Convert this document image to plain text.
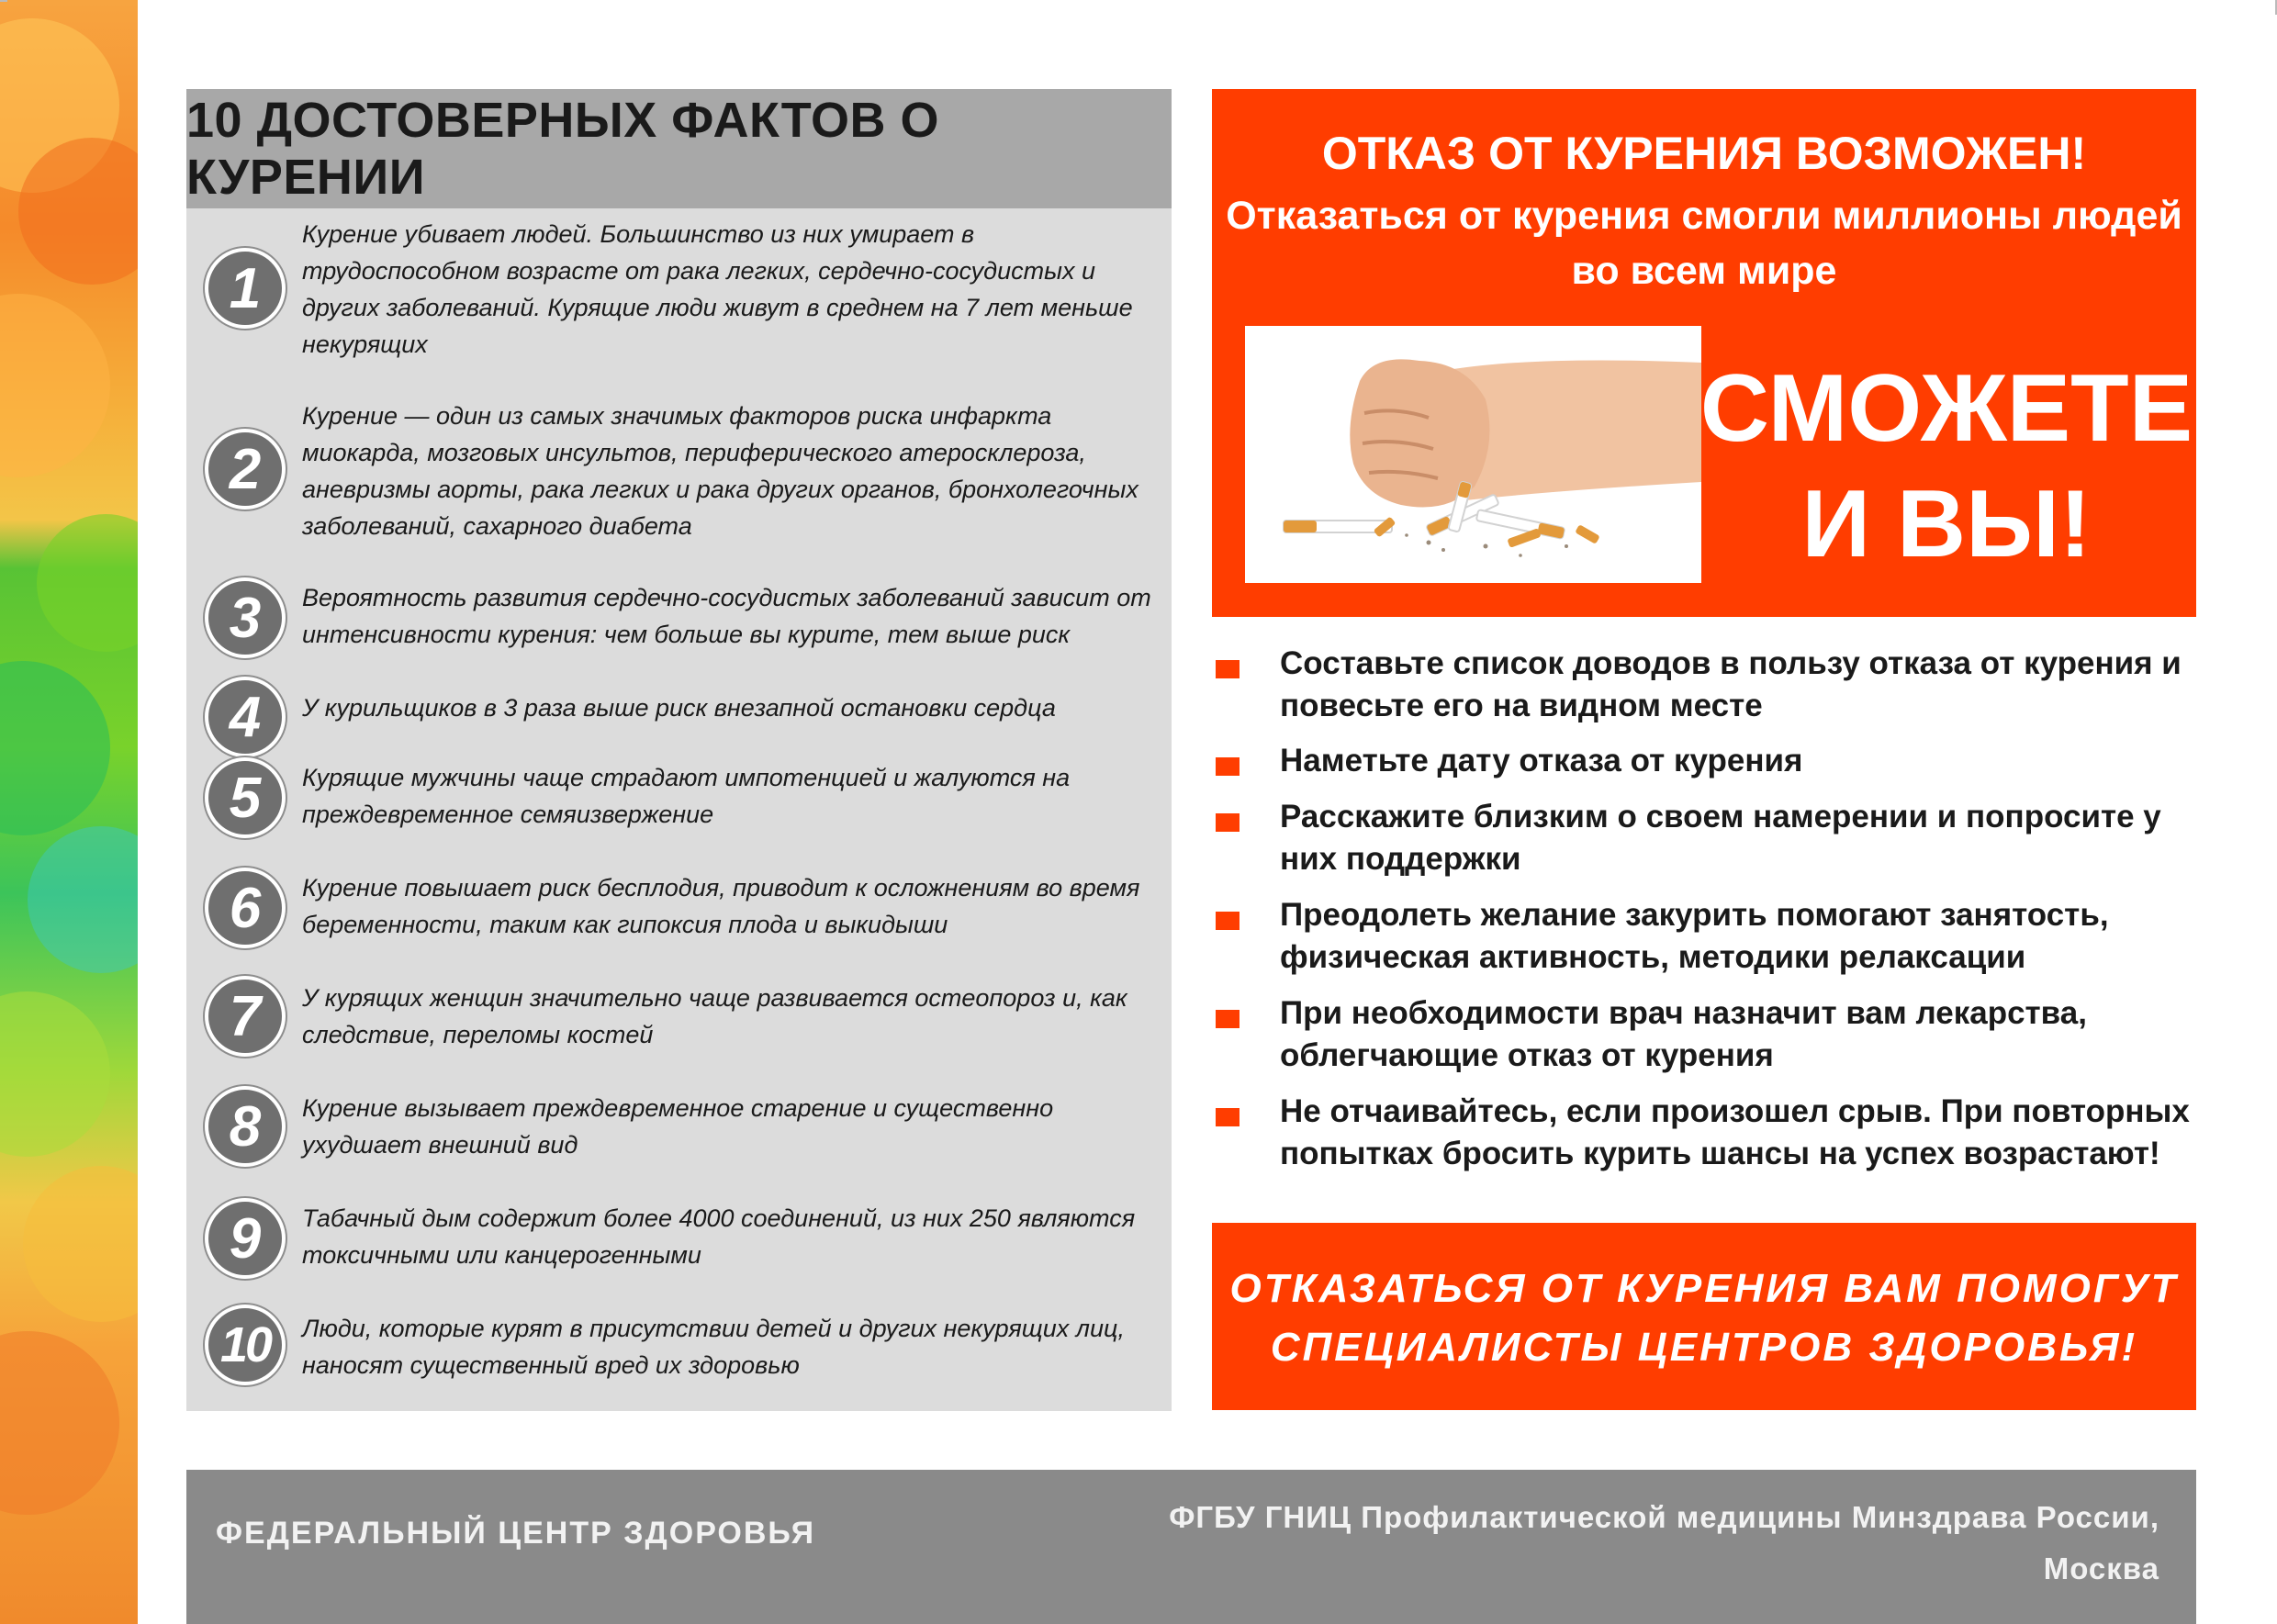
10 ДОСТОВЕРНЫХ ФАКТОВ О КУРЕНИИ
1
Курение убивает людей. Большинство из них умирает в трудоспособном возрасте от рака легких, сердечно-сосудистых и других заболеваний. Курящие люди живут в среднем на 7 лет меньше некурящих
2
Курение — один из самых значимых факторов риска инфаркта миокарда, мозговых инсультов, периферического атеросклероза, аневризмы аорты, рака легких и рака других органов, бронхолегочных заболеваний, сахарного диабета
3	Вероятность развития сердечно-сосудистых заболеваний зависит от интенсивности курения: чем больше вы курите, тем выше риск
4	У курильщиков в 3 раза выше риск внезапной остановки сердца
5	Курящие мужчины чаще страдают импотенцией и жалуются на преждевременное семяизвержение
6	Курение повышает риск бесплодия, приводит к осложнениям во время беременности, таким как гипоксия плода и выкидыши
7	У курящих женщин значительно чаще развивается остеопороз и, как следствие, переломы костей
8	Курение вызывает преждевременное старение и существенно ухудшает внешний вид
9	Табачный дым содержит более 4000 соединений, из них 250 являются токсичными или канцерогенными
10	Люди, которые курят в присутствии детей и других некурящих лиц, наносят существенный вред их здоровью
ОТКАЗ ОТ КУРЕНИЯ ВОЗМОЖЕН!
Отказаться от курения смогли миллионы людей во всем мире
СМОЖЕТЕ И ВЫ!
Составьте список доводов в пользу отказа от курения и повесьте его на видном месте
Наметьте дату отказа от курения
Расскажите близким о своем намерении и попросите у них поддержки
Преодолеть желание закурить помогают занятость, физическая активность, методики релаксации
При необходимости врач назначит вам лекарства, облегчающие отказ от курения
Не отчаивайтесь, если произошел срыв. При повторных попытках бросить курить шансы на успех возрастают!
ОТКАЗАТЬСЯ ОТ КУРЕНИЯ ВАМ ПОМОГУТ СПЕЦИАЛИСТЫ ЦЕНТРОВ ЗДОРОВЬЯ!
ФЕДЕРАЛЬНЫЙ ЦЕНТР ЗДОРОВЬЯ	ФГБУ ГНИЦ Профилактической медицины Минздрава России, Москва
